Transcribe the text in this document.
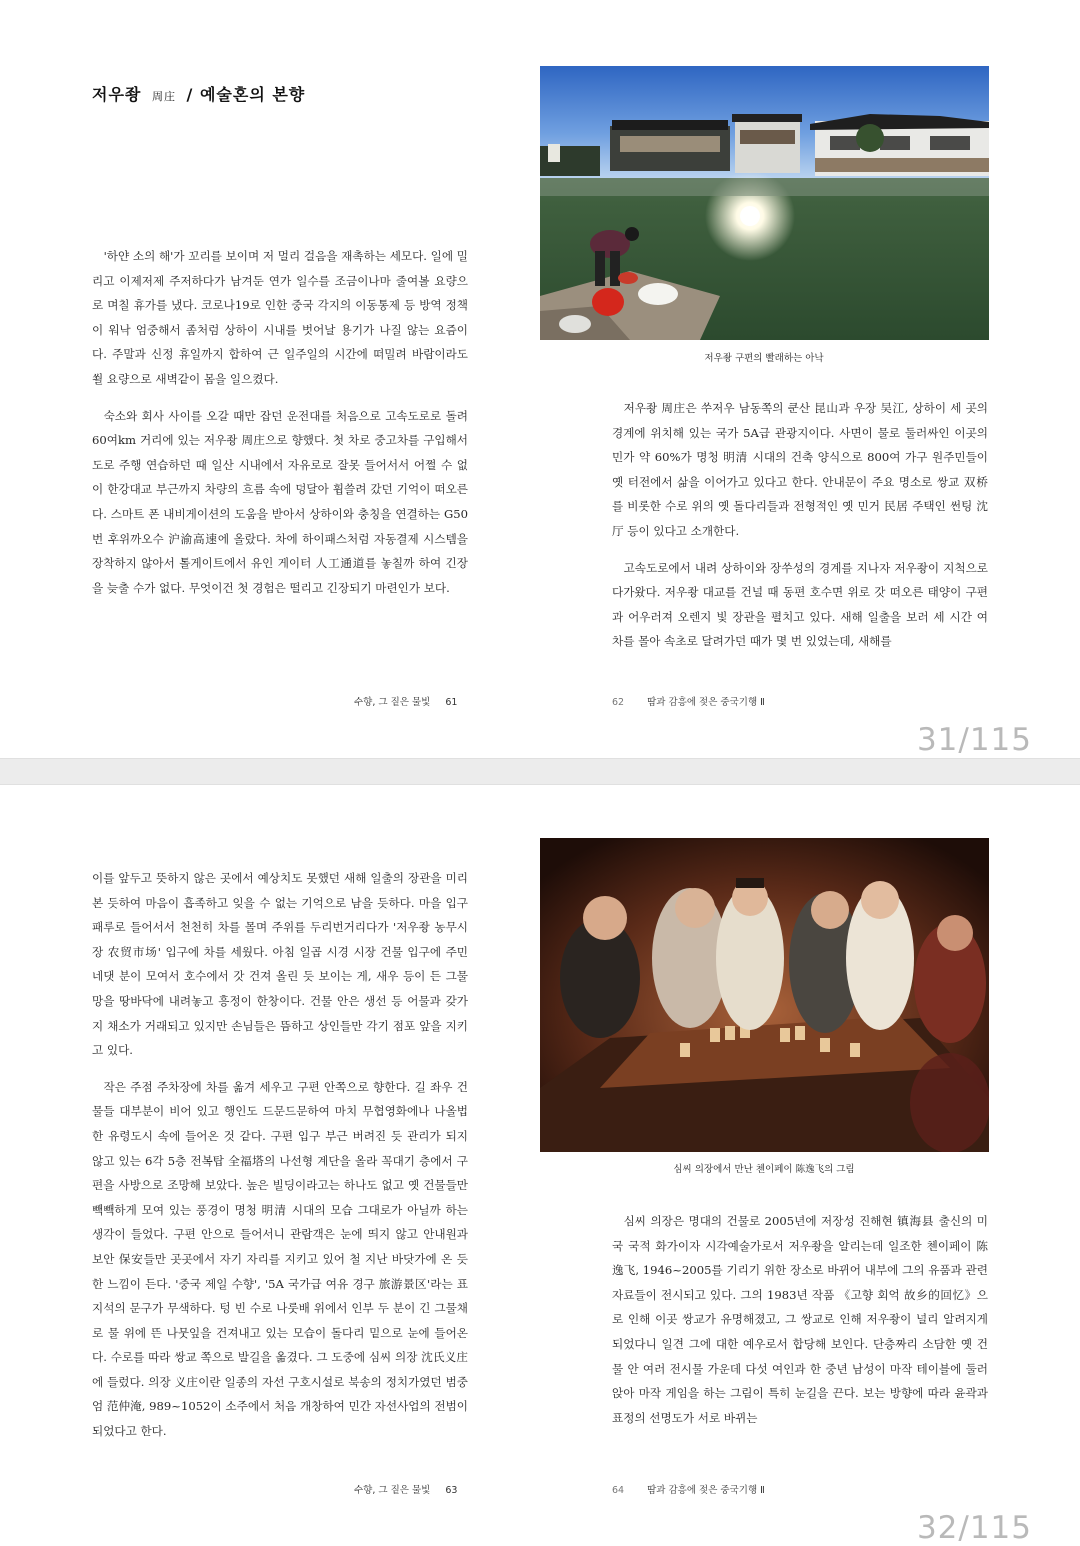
저우좡 周庄 / 예술혼의 본향

'하얀 소의 해'가 꼬리를 보이며 저 멀리 걸음을 재촉하는 세모다. 일에 밀리고 이제저제 주저하다가 남겨둔 연가 일수를 조금이나마 줄여볼 요량으로 며칠 휴가를 냈다. 코로나19로 인한 중국 각지의 이동통제 등 방역 정책이 워낙 엄중해서 좀처럼 상하이 시내를 벗어날 용기가 나질 않는 요즘이다. 주말과 신정 휴일까지 합하여 근 일주일의 시간에 떠밀려 바람이라도 쐴 요량으로 새벽같이 몸을 일으켰다.

숙소와 회사 사이를 오갈 때만 잡던 운전대를 처음으로 고속도로로 돌려 60여km 거리에 있는 저우좡 周庄으로 향했다. 첫 차로 중고차를 구입해서 도로 주행 연습하던 때 일산 시내에서 자유로로 잘못 들어서서 어쩔 수 없이 한강대교 부근까지 차량의 흐름 속에 덩달아 휩쓸려 갔던 기억이 떠오른다. 스마트 폰 내비게이션의 도움을 받아서 상하이와 충칭을 연결하는 G50번 후위까오수 沪渝高速에 올랐다. 차에 하이패스처럼 자동결제 시스템을 장착하지 않아서 톨게이트에서 유인 게이터 人工通道를 놓칠까 하여 긴장을 늦출 수가 없다. 무엇이건 첫 경험은 떨리고 긴장되기 마련인가 보다.

수향, 그 짙은 물빛 61
저우좡 구편의 빨래하는 아낙

저우좡 周庄은 쑤저우 남동쪽의 쿤산 昆山과 우장 吴江, 상하이 세 곳의 경계에 위치해 있는 국가 5A급 관광지이다. 사면이 물로 둘러싸인 이곳의 민가 약 60%가 명청 明清 시대의 건축 양식으로 800여 가구 원주민들이 옛 터전에서 삶을 이어가고 있다고 한다. 안내문이 주요 명소로 쌍교 双桥를 비롯한 수로 위의 옛 돌다리들과 전형적인 옛 민거 民居 주택인 썬팅 沈厅 등이 있다고 소개한다.

고속도로에서 내려 상하이와 장쑤성의 경계를 지나자 저우좡이 지척으로 다가왔다. 저우좡 대교를 건널 때 동편 호수면 위로 갓 떠오른 태양이 구편과 어우러져 오렌지 빛 장관을 펼치고 있다. 새해 일출을 보러 세 시간 여 차를 몰아 속초로 달려가던 때가 몇 번 있었는데, 새해를

62 땀과 감흥에 젖은 중국기행 Ⅱ
31/115

이를 앞두고 뜻하지 않은 곳에서 예상치도 못했던 새해 일출의 장관을 미리 본 듯하여 마음이 흡족하고 잊을 수 없는 기억으로 남을 듯하다. 마을 입구 패루로 들어서서 천천히 차를 몰며 주위를 두리번거리다가 '저우좡 농무시장 农贸市场' 입구에 차를 세웠다. 아침 일곱 시경 시장 건물 입구에 주민 네댓 분이 모여서 호수에서 갓 건져 올린 듯 보이는 게, 새우 등이 든 그물망을 땅바닥에 내려놓고 흥정이 한창이다. 건물 안은 생선 등 어물과 갖가지 채소가 거래되고 있지만 손님들은 뜸하고 상인들만 각기 점포 앞을 지키고 있다.

작은 주점 주차장에 차를 옮겨 세우고 구편 안쪽으로 향한다. 길 좌우 건물들 대부분이 비어 있고 행인도 드문드문하여 마치 무협영화에나 나올법한 유령도시 속에 들어온 것 같다. 구편 입구 부근 버려진 듯 관리가 되지 않고 있는 6각 5층 전복탑 全福塔의 나선형 계단을 올라 꼭대기 층에서 구편을 사방으로 조망해 보았다. 높은 빌딩이라고는 하나도 없고 옛 건물들만 빽빽하게 모여 있는 풍경이 명청 明清 시대의 모습 그대로가 아닐까 하는 생각이 들었다. 구편 안으로 들어서니 관람객은 눈에 띄지 않고 안내원과 보안 保安들만 곳곳에서 자기 자리를 지키고 있어 철 지난 바닷가에 온 듯한 느낌이 든다. '중국 제일 수향', '5A 국가급 여유 경구 旅游景区'라는 표지석의 문구가 무색하다. 텅 빈 수로 나룻배 위에서 인부 두 분이 긴 그물채로 물 위에 뜬 나뭇잎을 건져내고 있는 모습이 돌다리 밑으로 눈에 들어온다. 수로를 따라 쌍교 쪽으로 발길을 옮겼다. 그 도중에 심씨 의장 沈氏义庄에 들렀다. 의장 义庄이란 일종의 자선 구호시설로 북송의 정치가였던 범중엄 范仲淹, 989~1052이 소주에서 처음 개창하여 민간 자선사업의 전범이 되었다고 한다.

수향, 그 짙은 물빛 63
심씨 의장에서 만난 첸이페이 陈逸飞의 그림

심씨 의장은 명대의 건물로 2005년에 저장성 진해현 镇海县 출신의 미국 국적 화가이자 시각예술가로서 저우좡을 알리는데 일조한 첸이페이 陈逸飞, 1946~2005를 기리기 위한 장소로 바뀌어 내부에 그의 유품과 관련 자료들이 전시되고 있다. 그의 1983년 작품 《고향 회억 故乡的回忆》으로 인해 이곳 쌍교가 유명해졌고, 그 쌍교로 인해 저우좡이 널리 알려지게 되었다니 일견 그에 대한 예우로서 합당해 보인다. 단층짜리 소담한 옛 건물 안 여러 전시물 가운데 다섯 여인과 한 중년 남성이 마작 테이블에 둘러앉아 마작 게임을 하는 그림이 특히 눈길을 끈다. 보는 방향에 따라 윤곽과 표정의 선명도가 서로 바뀌는

64 땀과 감흥에 젖은 중국기행 Ⅱ
32/115
